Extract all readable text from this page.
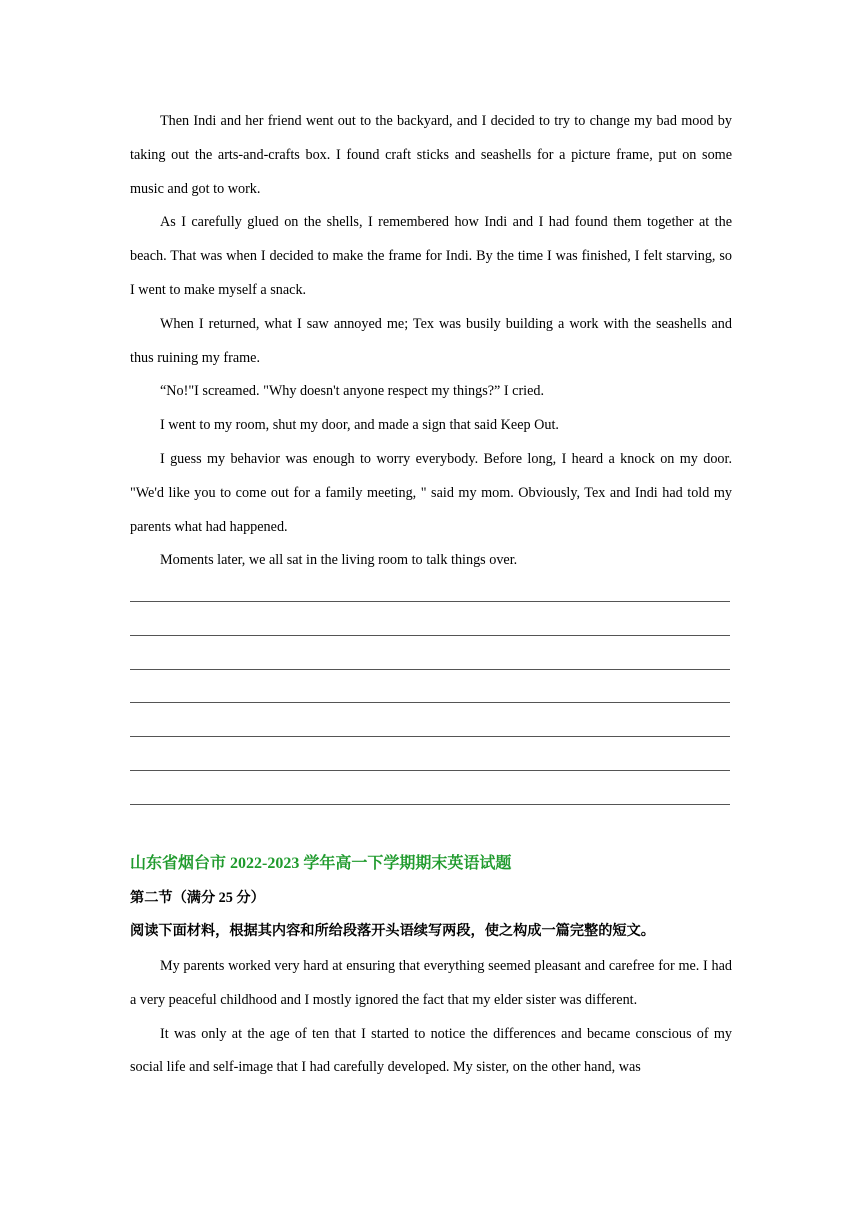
Then Indi and her friend went out to the backyard, and I decided to try to change my bad mood by taking out the arts-and-crafts box. I found craft sticks and seashells for a picture frame, put on some music and got to work.

As I carefully glued on the shells, I remembered how Indi and I had found them together at the beach. That was when I decided to make the frame for Indi. By the time I was finished, I felt starving, so I went to make myself a snack.

When I returned, what I saw annoyed me; Tex was busily building a work with the seashells and thus ruining my frame.

“No!"I screamed. "Why doesn't anyone respect my things?” I cried.

I went to my room, shut my door, and made a sign that said Keep Out.

I guess my behavior was enough to worry everybody. Before long, I heard a knock on my door. "We'd like you to come out for a family meeting, " said my mom. Obviously, Tex and Indi had told my parents what had happened.

Moments later, we all sat in the living room to talk things over.

山东省烟台市 2022-2023 学年高一下学期期末英语试题
第二节（满分 25 分）
阅读下面材料，根据其内容和所给段落开头语续写两段，使之构成一篇完整的短文。

My parents worked very hard at ensuring that everything seemed pleasant and carefree for me. I had a very peaceful childhood and I mostly ignored the fact that my elder sister was different.

It was only at the age of ten that I started to notice the differences and became conscious of my social life and self-image that I had carefully developed. My sister, on the other hand, was
